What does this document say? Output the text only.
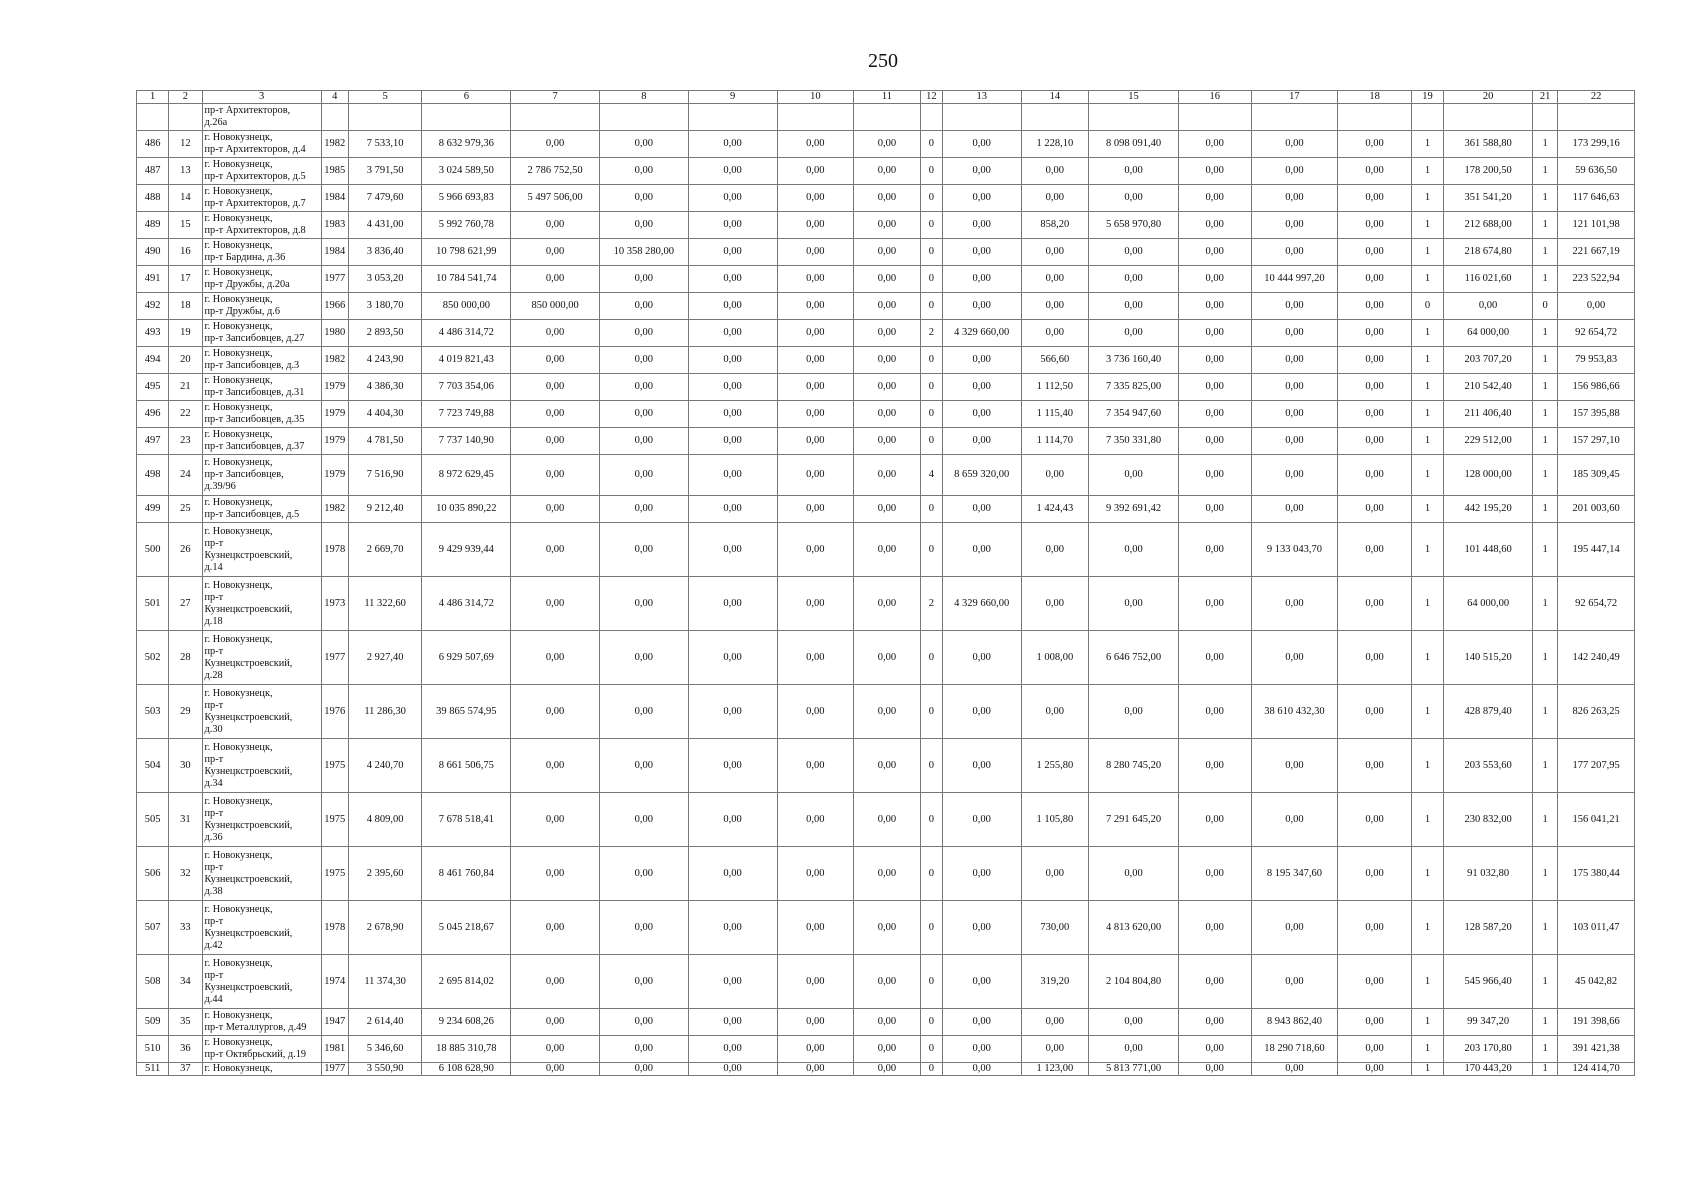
250
1	2	3	4	5	6	7	8	9	10	11	12	13	14	15	16	17	18	19	20	21	22
		пр-т Архитекторов,
д.26а																			
486	12	г. Новокузнецк,
пр-т Архитекторов, д.4	1982	7 533,10	8 632 979,36	0,00	0,00	0,00	0,00	0,00	0	0,00	1 228,10	8 098 091,40	0,00	0,00	0,00	1	361 588,80	1	173 299,16
487	13	г. Новокузнецк,
пр-т Архитекторов, д.5	1985	3 791,50	3 024 589,50	2 786 752,50	0,00	0,00	0,00	0,00	0	0,00	0,00	0,00	0,00	0,00	0,00	1	178 200,50	1	59 636,50
488	14	г. Новокузнецк,
пр-т Архитекторов, д.7	1984	7 479,60	5 966 693,83	5 497 506,00	0,00	0,00	0,00	0,00	0	0,00	0,00	0,00	0,00	0,00	0,00	1	351 541,20	1	117 646,63
489	15	г. Новокузнецк,
пр-т Архитекторов, д.8	1983	4 431,00	5 992 760,78	0,00	0,00	0,00	0,00	0,00	0	0,00	858,20	5 658 970,80	0,00	0,00	0,00	1	212 688,00	1	121 101,98
490	16	г. Новокузнецк,
пр-т Бардина, д.36	1984	3 836,40	10 798 621,99	0,00	10 358 280,00	0,00	0,00	0,00	0	0,00	0,00	0,00	0,00	0,00	0,00	1	218 674,80	1	221 667,19
491	17	г. Новокузнецк,
пр-т Дружбы, д.20а	1977	3 053,20	10 784 541,74	0,00	0,00	0,00	0,00	0,00	0	0,00	0,00	0,00	0,00	10 444 997,20	0,00	1	116 021,60	1	223 522,94
492	18	г. Новокузнецк,
пр-т Дружбы, д.6	1966	3 180,70	850 000,00	850 000,00	0,00	0,00	0,00	0,00	0	0,00	0,00	0,00	0,00	0,00	0,00	0	0,00	0	0,00
493	19	г. Новокузнецк,
пр-т Запсибовцев, д.27	1980	2 893,50	4 486 314,72	0,00	0,00	0,00	0,00	0,00	2	4 329 660,00	0,00	0,00	0,00	0,00	0,00	1	64 000,00	1	92 654,72
494	20	г. Новокузнецк,
пр-т Запсибовцев, д.3	1982	4 243,90	4 019 821,43	0,00	0,00	0,00	0,00	0,00	0	0,00	566,60	3 736 160,40	0,00	0,00	0,00	1	203 707,20	1	79 953,83
495	21	г. Новокузнецк,
пр-т Запсибовцев, д.31	1979	4 386,30	7 703 354,06	0,00	0,00	0,00	0,00	0,00	0	0,00	1 112,50	7 335 825,00	0,00	0,00	0,00	1	210 542,40	1	156 986,66
496	22	г. Новокузнецк,
пр-т Запсибовцев, д.35	1979	4 404,30	7 723 749,88	0,00	0,00	0,00	0,00	0,00	0	0,00	1 115,40	7 354 947,60	0,00	0,00	0,00	1	211 406,40	1	157 395,88
497	23	г. Новокузнецк,
пр-т Запсибовцев, д.37	1979	4 781,50	7 737 140,90	0,00	0,00	0,00	0,00	0,00	0	0,00	1 114,70	7 350 331,80	0,00	0,00	0,00	1	229 512,00	1	157 297,10
498	24	г. Новокузнецк,
пр-т Запсибовцев,
д.39/96	1979	7 516,90	8 972 629,45	0,00	0,00	0,00	0,00	0,00	4	8 659 320,00	0,00	0,00	0,00	0,00	0,00	1	128 000,00	1	185 309,45
499	25	г. Новокузнецк,
пр-т Запсибовцев, д.5	1982	9 212,40	10 035 890,22	0,00	0,00	0,00	0,00	0,00	0	0,00	1 424,43	9 392 691,42	0,00	0,00	0,00	1	442 195,20	1	201 003,60
500	26	г. Новокузнецк,
пр-т
Кузнецкстроевский,
д.14	1978	2 669,70	9 429 939,44	0,00	0,00	0,00	0,00	0,00	0	0,00	0,00	0,00	0,00	9 133 043,70	0,00	1	101 448,60	1	195 447,14
501	27	г. Новокузнецк,
пр-т
Кузнецкстроевский,
д.18	1973	11 322,60	4 486 314,72	0,00	0,00	0,00	0,00	0,00	2	4 329 660,00	0,00	0,00	0,00	0,00	0,00	1	64 000,00	1	92 654,72
502	28	г. Новокузнецк,
пр-т
Кузнецкстроевский,
д.28	1977	2 927,40	6 929 507,69	0,00	0,00	0,00	0,00	0,00	0	0,00	1 008,00	6 646 752,00	0,00	0,00	0,00	1	140 515,20	1	142 240,49
503	29	г. Новокузнецк,
пр-т
Кузнецкстроевский,
д.30	1976	11 286,30	39 865 574,95	0,00	0,00	0,00	0,00	0,00	0	0,00	0,00	0,00	0,00	38 610 432,30	0,00	1	428 879,40	1	826 263,25
504	30	г. Новокузнецк,
пр-т
Кузнецкстроевский,
д.34	1975	4 240,70	8 661 506,75	0,00	0,00	0,00	0,00	0,00	0	0,00	1 255,80	8 280 745,20	0,00	0,00	0,00	1	203 553,60	1	177 207,95
505	31	г. Новокузнецк,
пр-т
Кузнецкстроевский,
д.36	1975	4 809,00	7 678 518,41	0,00	0,00	0,00	0,00	0,00	0	0,00	1 105,80	7 291 645,20	0,00	0,00	0,00	1	230 832,00	1	156 041,21
506	32	г. Новокузнецк,
пр-т
Кузнецкстроевский,
д.38	1975	2 395,60	8 461 760,84	0,00	0,00	0,00	0,00	0,00	0	0,00	0,00	0,00	0,00	8 195 347,60	0,00	1	91 032,80	1	175 380,44
507	33	г. Новокузнецк,
пр-т
Кузнецкстроевский,
д.42	1978	2 678,90	5 045 218,67	0,00	0,00	0,00	0,00	0,00	0	0,00	730,00	4 813 620,00	0,00	0,00	0,00	1	128 587,20	1	103 011,47
508	34	г. Новокузнецк,
пр-т
Кузнецкстроевский,
д.44	1974	11 374,30	2 695 814,02	0,00	0,00	0,00	0,00	0,00	0	0,00	319,20	2 104 804,80	0,00	0,00	0,00	1	545 966,40	1	45 042,82
509	35	г. Новокузнецк,
пр-т Металлургов, д.49	1947	2 614,40	9 234 608,26	0,00	0,00	0,00	0,00	0,00	0	0,00	0,00	0,00	0,00	8 943 862,40	0,00	1	99 347,20	1	191 398,66
510	36	г. Новокузнецк,
пр-т Октябрьский, д.19	1981	5 346,60	18 885 310,78	0,00	0,00	0,00	0,00	0,00	0	0,00	0,00	0,00	0,00	18 290 718,60	0,00	1	203 170,80	1	391 421,38
511	37	г. Новокузнецк,	1977	3 550,90	6 108 628,90	0,00	0,00	0,00	0,00	0,00	0	0,00	1 123,00	5 813 771,00	0,00	0,00	0,00	1	170 443,20	1	124 414,70
